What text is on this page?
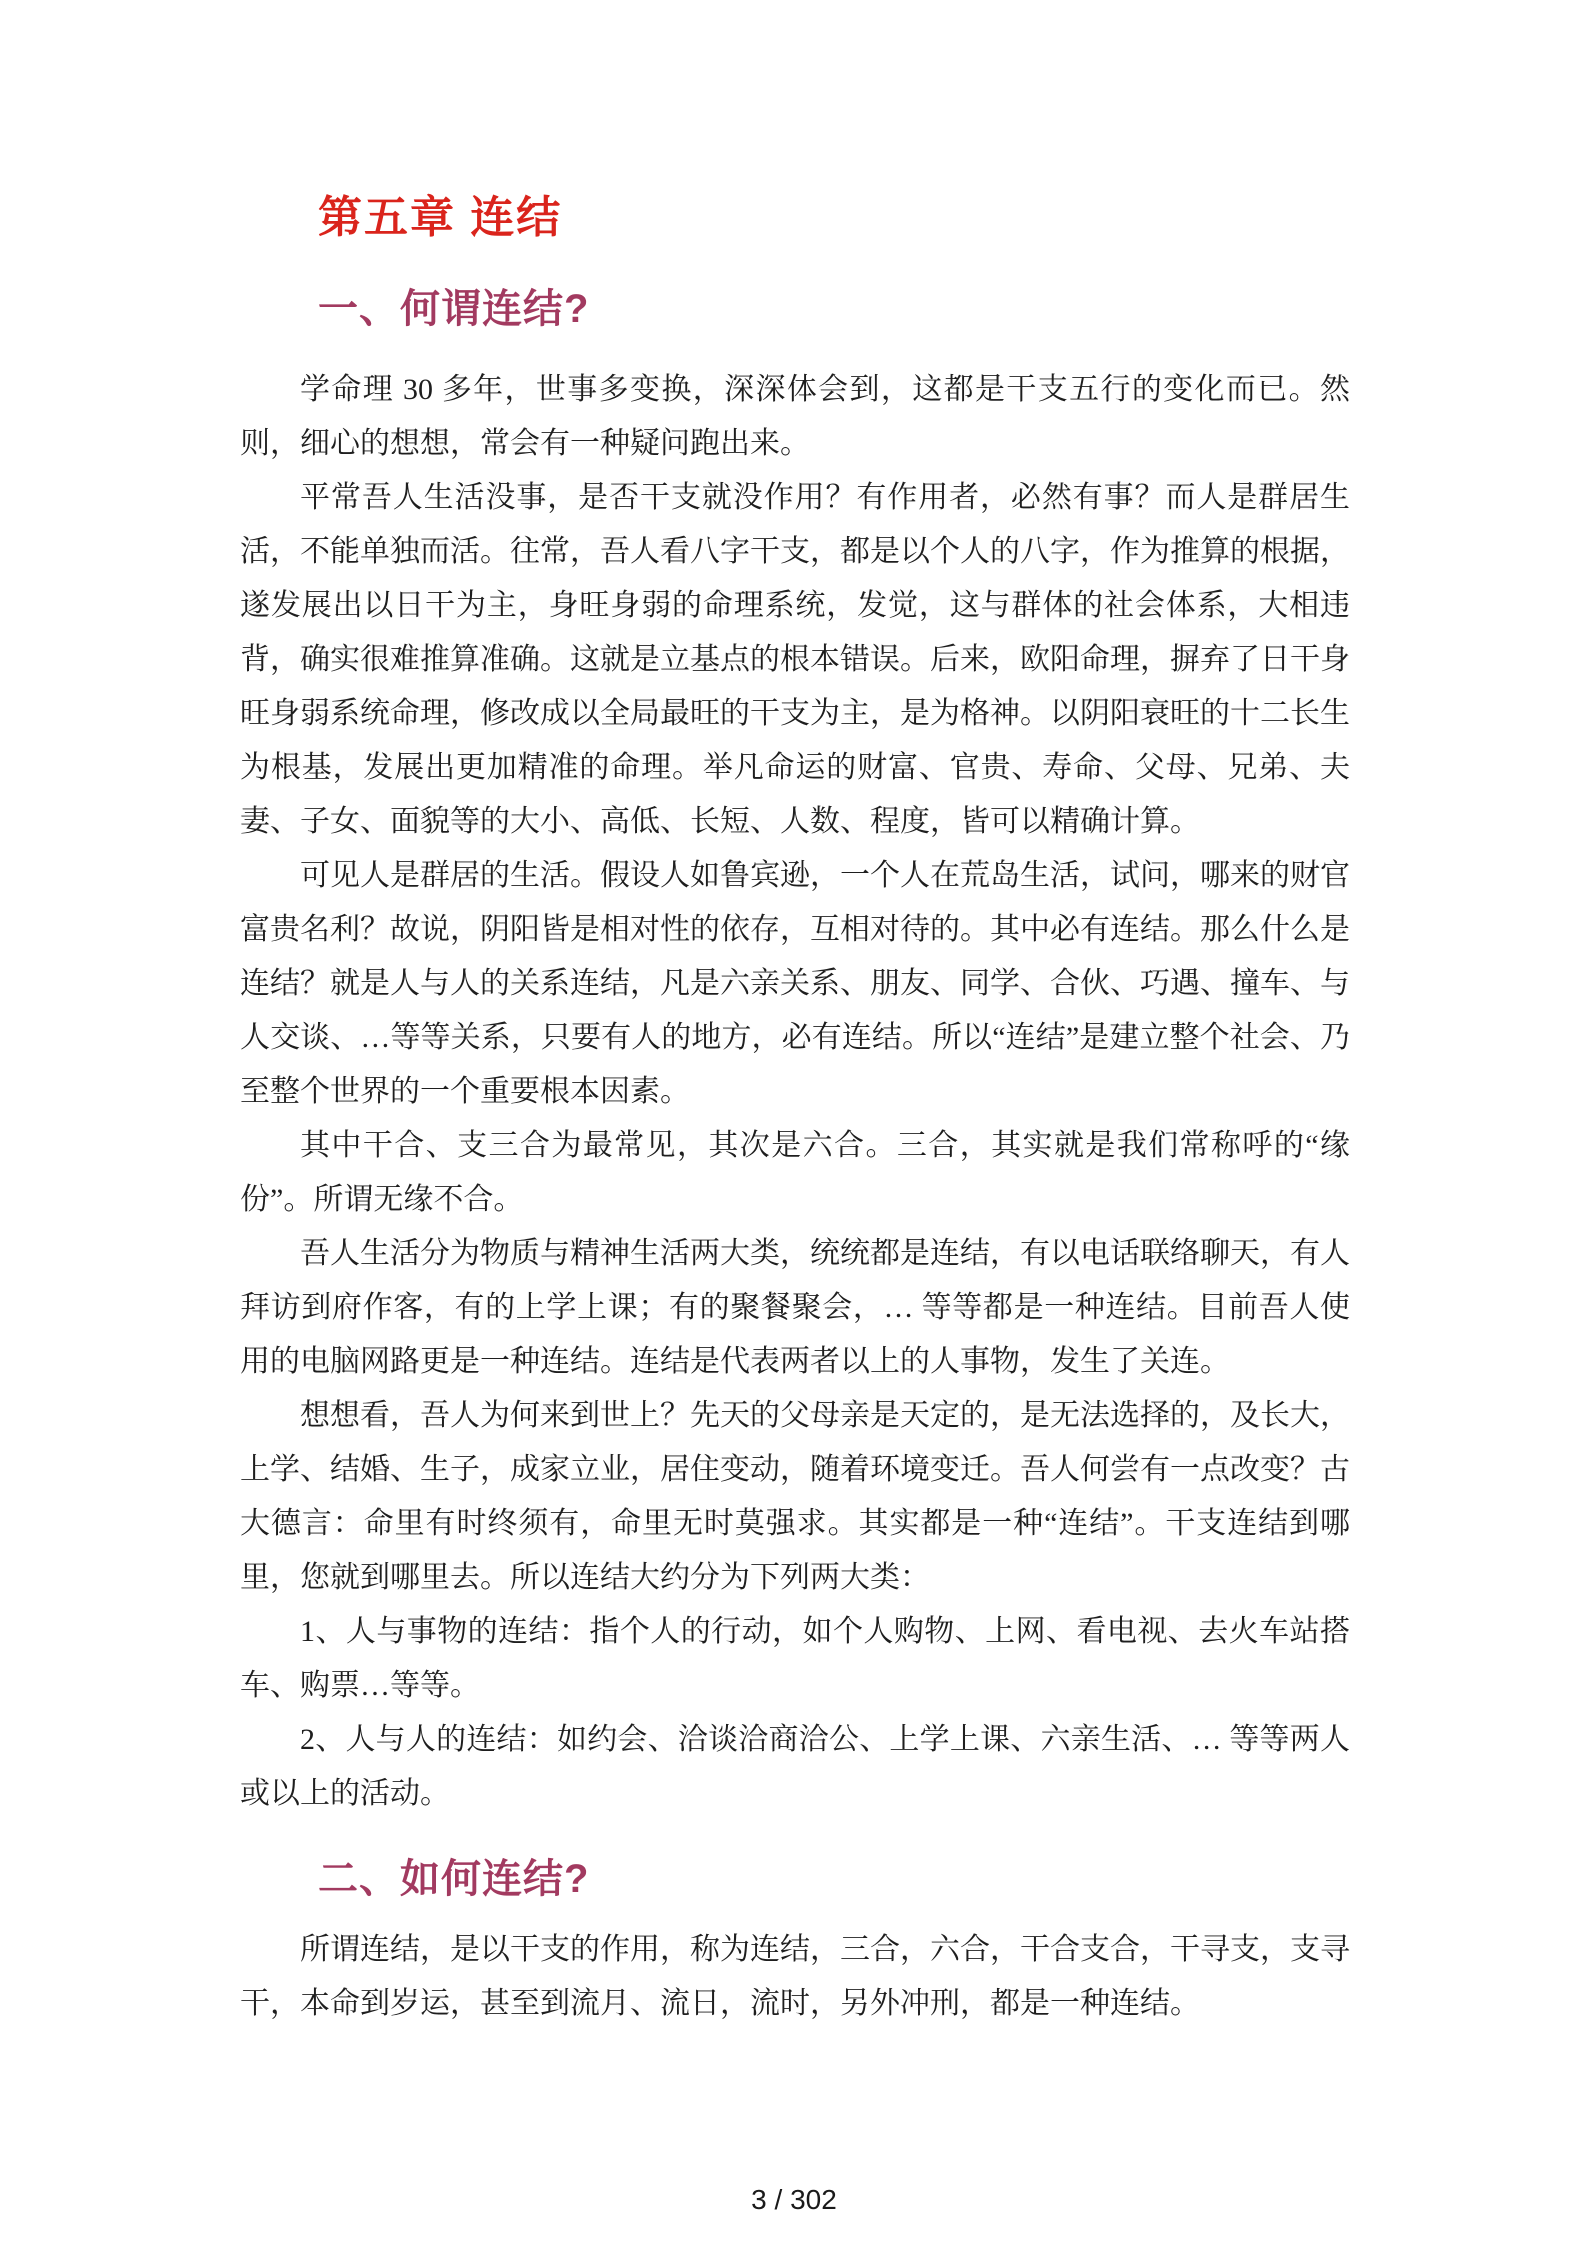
第五章 连结
一、何谓连结?

学命理 30 多年，世事多变换，深深体会到，这都是干支五行的变化而已。然则，细心的想想，常会有一种疑问跑出来。

平常吾人生活没事，是否干支就没作用？有作用者，必然有事？而人是群居生活，不能单独而活。往常，吾人看八字干支，都是以个人的八字，作为推算的根据，遂发展出以日干为主，身旺身弱的命理系统，发觉，这与群体的社会体系，大相违背，确实很难推算准确。这就是立基点的根本错误。后来，欧阳命理，摒弃了日干身旺身弱系统命理，修改成以全局最旺的干支为主，是为格神。以阴阳衰旺的十二长生为根基，发展出更加精准的命理。举凡命运的财富、官贵、寿命、父母、兄弟、夫妻、子女、面貌等的大小、高低、长短、人数、程度，皆可以精确计算。

可见人是群居的生活。假设人如鲁宾逊，一个人在荒岛生活，试问，哪来的财官富贵名利？故说，阴阳皆是相对性的依存，互相对待的。其中必有连结。那么什么是连结？就是人与人的关系连结，凡是六亲关系、朋友、同学、合伙、巧遇、撞车、与人交谈、…等等关系，只要有人的地方，必有连结。所以“连结”是建立整个社会、乃至整个世界的一个重要根本因素。

其中干合、支三合为最常见，其次是六合。三合，其实就是我们常称呼的“缘份”。所谓无缘不合。

吾人生活分为物质与精神生活两大类，统统都是连结，有以电话联络聊天，有人拜访到府作客，有的上学上课；有的聚餐聚会，… 等等都是一种连结。目前吾人使用的电脑网路更是一种连结。连结是代表两者以上的人事物，发生了关连。

想想看，吾人为何来到世上？先天的父母亲是天定的，是无法选择的，及长大，上学、结婚、生子，成家立业，居住变动，随着环境变迁。吾人何尝有一点改变？古大德言：命里有时终须有，命里无时莫强求。其实都是一种“连结”。干支连结到哪里，您就到哪里去。所以连结大约分为下列两大类：

1、人与事物的连结：指个人的行动，如个人购物、上网、看电视、去火车站搭车、购票…等等。

2、人与人的连结：如约会、洽谈洽商洽公、上学上课、六亲生活、… 等等两人或以上的活动。

二、如何连结?

所谓连结，是以干支的作用，称为连结，三合，六合，干合支合，干寻支，支寻干，本命到岁运，甚至到流月、流日，流时，另外冲刑，都是一种连结。

3 / 302
